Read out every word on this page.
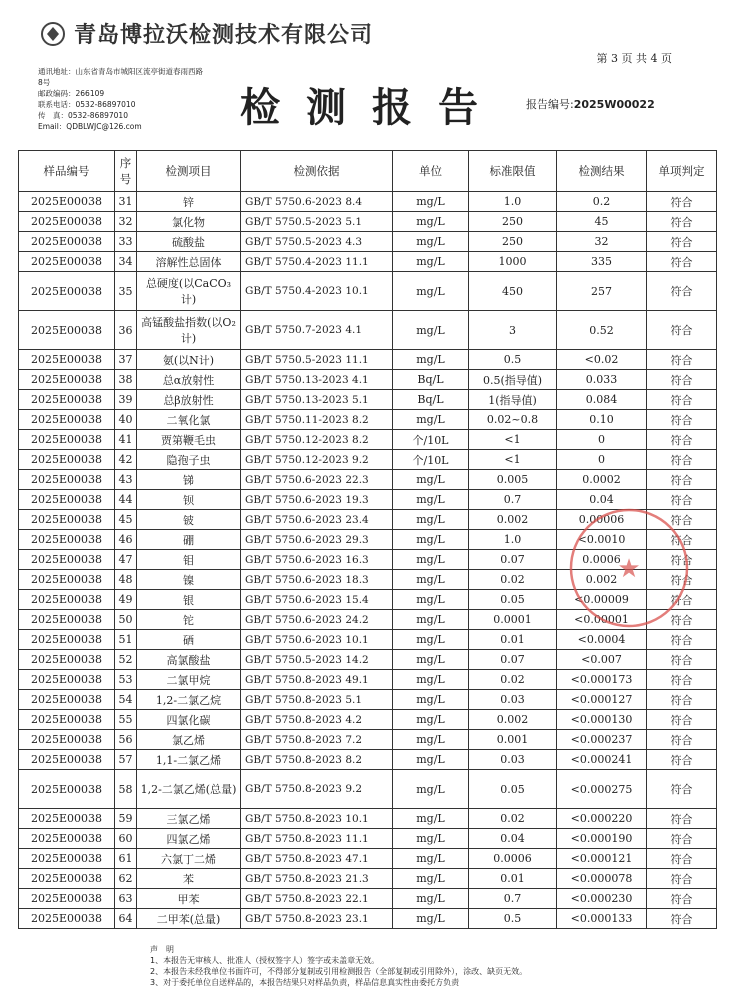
青岛博拉沃检测技术有限公司
第 3 页 共 4 页
通讯地址：山东省青岛市城阳区流亭街道春雨西路
8号
邮政编码：266109
联系电话：0532-86897010
传　真：0532-86897010
Email：QDBLWJC@126.com	检测报告	报告编号:2025W00022
样品编号	序号	检测项目	检测依据	单位	标准限值	检测结果	单项判定
2025E00038	31	锌	GB/T 5750.6-2023 8.4	mg/L	1.0	0.2	符合
2025E00038	32	氯化物	GB/T 5750.5-2023 5.1	mg/L	250	45	符合
2025E00038	33	硫酸盐	GB/T 5750.5-2023 4.3	mg/L	250	32	符合
2025E00038	34	溶解性总固体	GB/T 5750.4-2023 11.1	mg/L	1000	335	符合
2025E00038	35	总硬度(以CaCO₃计)	GB/T 5750.4-2023 10.1	mg/L	450	257	符合
2025E00038	36	高锰酸盐指数(以O₂计)	GB/T 5750.7-2023 4.1	mg/L	3	0.52	符合
2025E00038	37	氨(以N计)	GB/T 5750.5-2023 11.1	mg/L	0.5	<0.02	符合
2025E00038	38	总α放射性	GB/T 5750.13-2023 4.1	Bq/L	0.5(指导值)	0.033	符合
2025E00038	39	总β放射性	GB/T 5750.13-2023 5.1	Bq/L	1(指导值)	0.084	符合
2025E00038	40	二氧化氯	GB/T 5750.11-2023 8.2	mg/L	0.02~0.8	0.10	符合
2025E00038	41	贾第鞭毛虫	GB/T 5750.12-2023 8.2	个/10L	<1	0	符合
2025E00038	42	隐孢子虫	GB/T 5750.12-2023 9.2	个/10L	<1	0	符合
2025E00038	43	锑	GB/T 5750.6-2023 22.3	mg/L	0.005	0.0002	符合
2025E00038	44	钡	GB/T 5750.6-2023 19.3	mg/L	0.7	0.04	符合
2025E00038	45	铍	GB/T 5750.6-2023 23.4	mg/L	0.002	0.00006	符合
2025E00038	46	硼	GB/T 5750.6-2023 29.3	mg/L	1.0	<0.0010	符合
2025E00038	47	钼	GB/T 5750.6-2023 16.3	mg/L	0.07	0.0006	符合
2025E00038	48	镍	GB/T 5750.6-2023 18.3	mg/L	0.02	0.002	符合
2025E00038	49	银	GB/T 5750.6-2023 15.4	mg/L	0.05	<0.00009	符合
2025E00038	50	铊	GB/T 5750.6-2023 24.2	mg/L	0.0001	<0.00001	符合
2025E00038	51	硒	GB/T 5750.6-2023 10.1	mg/L	0.01	<0.0004	符合
2025E00038	52	高氯酸盐	GB/T 5750.5-2023 14.2	mg/L	0.07	<0.007	符合
2025E00038	53	二氯甲烷	GB/T 5750.8-2023 49.1	mg/L	0.02	<0.000173	符合
2025E00038	54	1,2-二氯乙烷	GB/T 5750.8-2023 5.1	mg/L	0.03	<0.000127	符合
2025E00038	55	四氯化碳	GB/T 5750.8-2023 4.2	mg/L	0.002	<0.000130	符合
2025E00038	56	氯乙烯	GB/T 5750.8-2023 7.2	mg/L	0.001	<0.000237	符合
2025E00038	57	1,1-二氯乙烯	GB/T 5750.8-2023 8.2	mg/L	0.03	<0.000241	符合
2025E00038	58	1,2-二氯乙烯(总量)	GB/T 5750.8-2023 9.2	mg/L	0.05	<0.000275	符合
2025E00038	59	三氯乙烯	GB/T 5750.8-2023 10.1	mg/L	0.02	<0.000220	符合
2025E00038	60	四氯乙烯	GB/T 5750.8-2023 11.1	mg/L	0.04	<0.000190	符合
2025E00038	61	六氯丁二烯	GB/T 5750.8-2023 47.1	mg/L	0.0006	<0.000121	符合
2025E00038	62	苯	GB/T 5750.8-2023 21.3	mg/L	0.01	<0.000078	符合
2025E00038	63	甲苯	GB/T 5750.8-2023 22.1	mg/L	0.7	<0.000230	符合
2025E00038	64	二甲苯(总量)	GB/T 5750.8-2023 23.1	mg/L	0.5	<0.000133	符合
★
声　明
1、本报告无审核人、批准人（授权签字人）签字或未盖章无效。
2、本报告未经我单位书面许可，不得部分复制或引用检测报告（全部复制或引用除外），涂改、缺页无效。
3、对于委托单位自送样品的，本报告结果只对样品负责，样品信息真实性由委托方负责
